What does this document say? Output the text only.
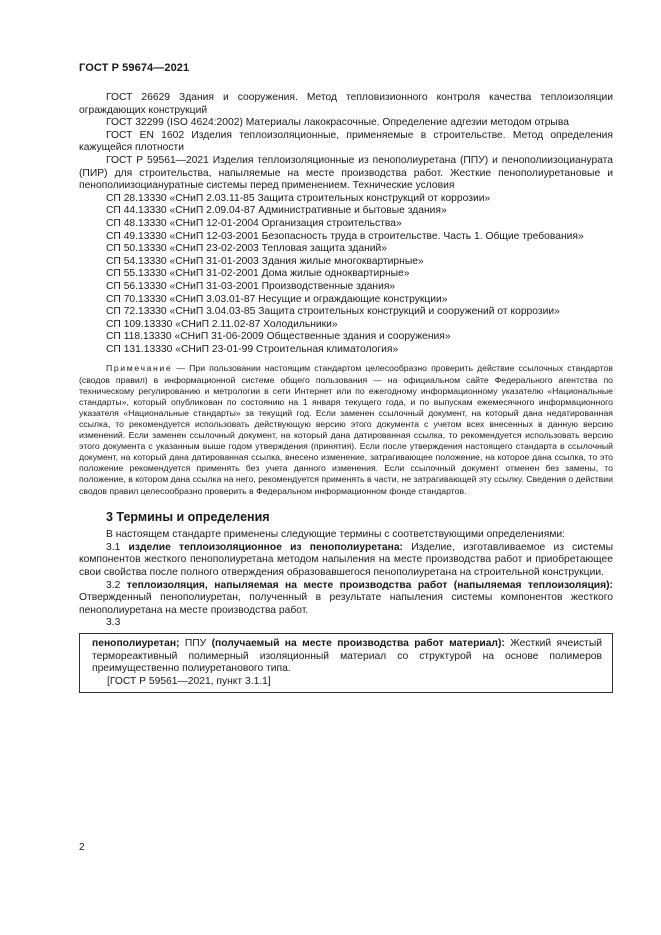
ГОСТ Р 59674—2021

ГОСТ 26629 Здания и сооружения. Метод тепловизионного контроля качества теплоизоляции ограждающих конструкций

ГОСТ 32299 (ISO 4624:2002) Материалы лакокрасочные. Определение адгезии методом отрыва

ГОСТ EN 1602 Изделия теплоизоляционные, применяемые в строительстве. Метод определения кажущейся плотности

ГОСТ Р 59561—2021 Изделия теплоизоляционные из пенополиуретана (ППУ) и пенополиизоцианурата (ПИР) для строительства, напыляемые на месте производства работ. Жесткие пенополиуретановые и пенополиизоциануратные системы перед применением. Технические условия

СП 28.13330 «СНиП 2.03.11-85 Защита строительных конструкций от коррозии»

СП 44.13330 «СНиП 2.09.04-87 Административные и бытовые здания»

СП 48.13330 «СНиП 12-01-2004 Организация строительства»

СП 49.13330 «СНиП 12-03-2001 Безопасность труда в строительстве. Часть 1. Общие требования»

СП 50.13330 «СНиП 23-02-2003 Тепловая защита зданий»

СП 54.13330 «СНиП 31-01-2003 Здания жилые многоквартирные»

СП 55.13330 «СНиП 31-02-2001 Дома жилые одноквартирные»

СП 56.13330 «СНиП 31-03-2001 Производственные здания»

СП 70.13330 «СНиП 3.03.01-87 Несущие и ограждающие конструкции»

СП 72.13330 «СНиП 3.04.03-85 Защита строительных конструкций и сооружений от коррозии»

СП 109.13330 «СНиП 2.11.02-87 Холодильники»

СП 118.13330 «СНиП 31-06-2009 Общественные здания и сооружения»

СП 131.13330 «СНиП 23-01-99 Строительная климатология»

Примечание — При пользовании настоящим стандартом целесообразно проверить действие ссылочных стандартов (сводов правил) в информационной системе общего пользования — на официальном сайте Федерального агентства по техническому регулированию и метрологии в сети Интернет или по ежегодному информационному указателю «Национальные стандарты», который опубликован по состоянию на 1 января текущего года, и по выпускам ежемесячного информационного указателя «Национальные стандарты» за текущий год. Если заменен ссылочный документ, на который дана недатированная ссылка, то рекомендуется использовать действующую версию этого документа с учетом всех внесенных в данную версию изменений. Если заменен ссылочный документ, на который дана датированная ссылка, то рекомендуется использовать версию этого документа с указанным выше годом утверждения (принятия). Если после утверждения настоящего стандарта в ссылочный документ, на который дана датированная ссылка, внесено изменение, затрагивающее положение, на которое дана ссылка, то это положение рекомендуется применять без учета данного изменения. Если ссылочный документ отменен без замены, то положение, в котором дана ссылка на него, рекомендуется применять в части, не затрагивающей эту ссылку. Сведения о действии сводов правил целесообразно проверить в Федеральном информационном фонде стандартов.

3 Термины и определения

В настоящем стандарте применены следующие термины с соответствующими определениями:

3.1 изделие теплоизоляционное из пенополиуретана: Изделие, изготавливаемое из системы компонентов жесткого пенополиуретана методом напыления на месте производства работ и приобретающее свои свойства после полного отверждения образовавшегося пенополиуретана на строительной конструкции.

3.2 теплоизоляция, напыляемая на месте производства работ (напыляемая теплоизоляция): Отвержденный пенополиуретан, полученный в результате напыления системы компонентов жесткого пенополиуретана на месте производства работ.

3.3

пенополиуретан; ППУ (получаемый на месте производства работ материал): Жесткий ячеистый термореактивный полимерный изоляционный материал со структурой на основе полимеров преимущественно полиуретанового типа.

[ГОСТ Р 59561—2021, пункт 3.1.1]

2
